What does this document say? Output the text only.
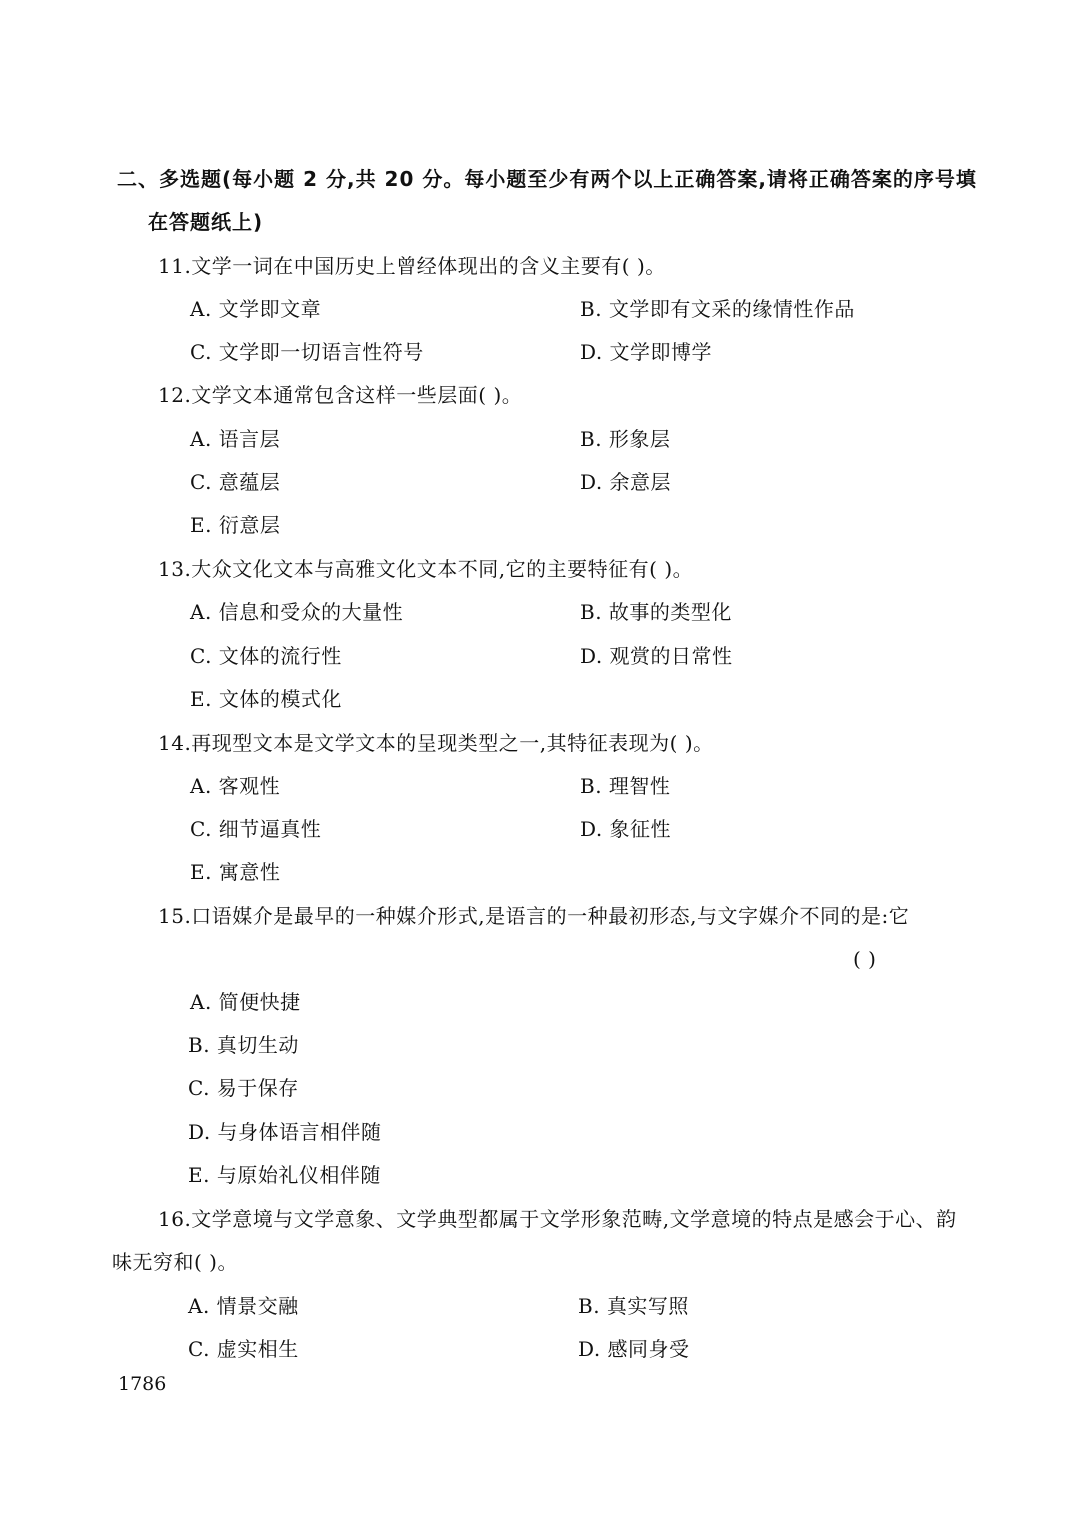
二、多选题(每小题 2 分,共 20 分。每小题至少有两个以上正确答案,请将正确答案的序号填
在答题纸上)
11.文学一词在中国历史上曾经体现出的含义主要有( )。
A. 文学即文章	B. 文学即有文采的缘情性作品
C. 文学即一切语言性符号	D. 文学即博学
12.文学文本通常包含这样一些层面( )。
A. 语言层	B. 形象层
C. 意蕴层	D. 余意层
E. 衍意层
13.大众文化文本与高雅文化文本不同,它的主要特征有( )。
A. 信息和受众的大量性	B. 故事的类型化
C. 文体的流行性	D. 观赏的日常性
E. 文体的模式化
14.再现型文本是文学文本的呈现类型之一,其特征表现为( )。
A. 客观性	B. 理智性
C. 细节逼真性	D. 象征性
E. 寓意性
15.口语媒介是最早的一种媒介形式,是语言的一种最初形态,与文字媒介不同的是:它
( )
A. 简便快捷
B. 真切生动
C. 易于保存
D. 与身体语言相伴随
E. 与原始礼仪相伴随
16.文学意境与文学意象、文学典型都属于文学形象范畴,文学意境的特点是感会于心、韵
味无穷和( )。
A. 情景交融	B. 真实写照
C. 虚实相生	D. 感同身受
1786
